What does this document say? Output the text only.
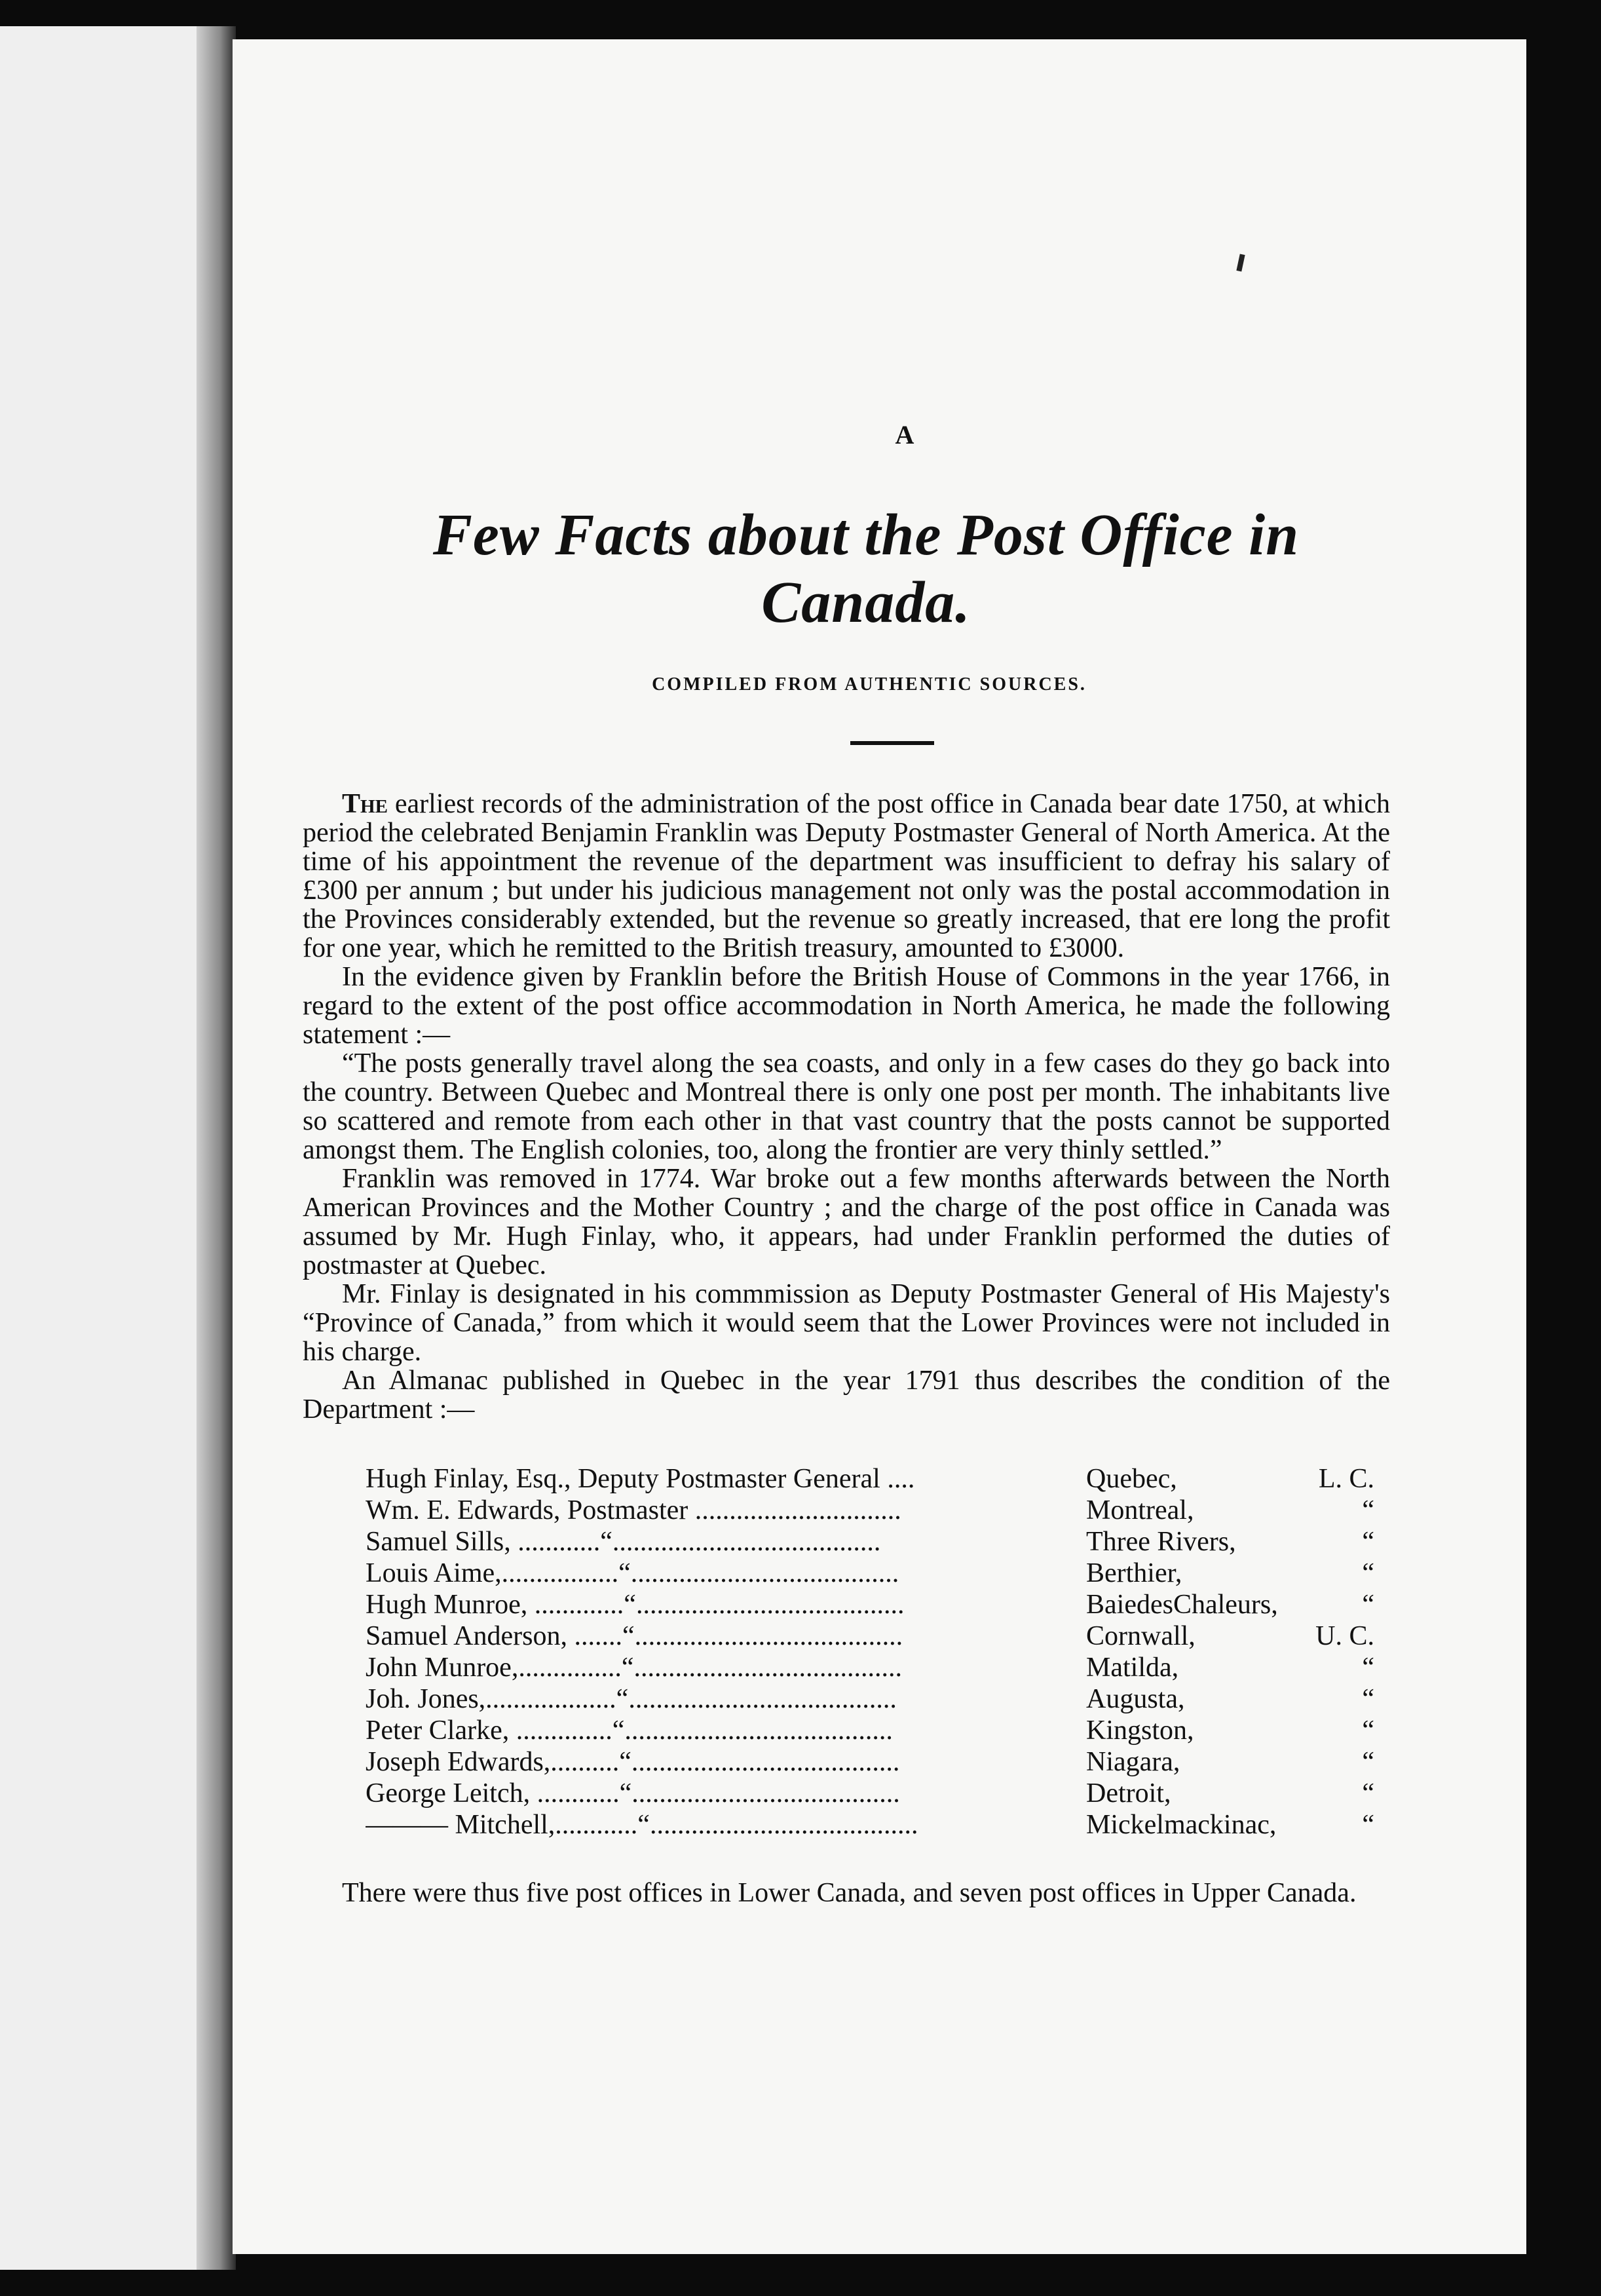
A
Few Facts about the Post Office in Canada.
COMPILED FROM AUTHENTIC SOURCES.

The earliest records of the administration of the post office in Canada bear date 1750, at which period the celebrated Benjamin Franklin was Deputy Postmaster General of North America. At the time of his appointment the revenue of the department was insufficient to defray his salary of £300 per annum ; but under his judicious management not only was the postal accommodation in the Provinces considerably extended, but the revenue so greatly increased, that ere long the profit for one year, which he remitted to the British treasury, amounted to £3000.

In the evidence given by Franklin before the British House of Commons in the year 1766, in regard to the extent of the post office accommodation in North America, he made the following statement :—

“The posts generally travel along the sea coasts, and only in a few cases do they go back into the country. Between Quebec and Montreal there is only one post per month. The inhabitants live so scattered and remote from each other in that vast country that the posts cannot be supported amongst them. The English colonies, too, along the frontier are very thinly settled.”

Franklin was removed in 1774. War broke out a few months afterwards between the North American Provinces and the Mother Country ; and the charge of the post office in Canada was assumed by Mr. Hugh Finlay, who, it appears, had under Franklin performed the duties of postmaster at Quebec.

Mr. Finlay is designated in his commmission as Deputy Postmaster General of His Majesty's “Province of Canada,” from which it would seem that the Lower Provinces were not included in his charge.

An Almanac published in Quebec in the year 1791 thus describes the condition of the Department :—

Hugh Finlay, Esq., Deputy Postmaster General ....	Quebec,	L. C.
Wm. E. Edwards, Postmaster ..............................	Montreal,	“
Samuel Sills, ............“.......................................	Three Rivers,	“
Louis Aime,.................“.......................................	Berthier,	“
Hugh Munroe, .............“.......................................	BaiedesChaleurs,	“
Samuel Anderson, .......“.......................................	Cornwall,	U. C.
John Munroe,...............“.......................................	Matilda,	“
Joh. Jones,...................“.......................................	Augusta,	“
Peter Clarke, ..............“.......................................	Kingston,	“
Joseph Edwards,..........“.......................................	Niagara,	“
George Leitch, ............“.......................................	Detroit,	“
——— Mitchell,............“.......................................	Mickelmackinac,	“

There were thus five post offices in Lower Canada, and seven post offices in Upper Canada.
